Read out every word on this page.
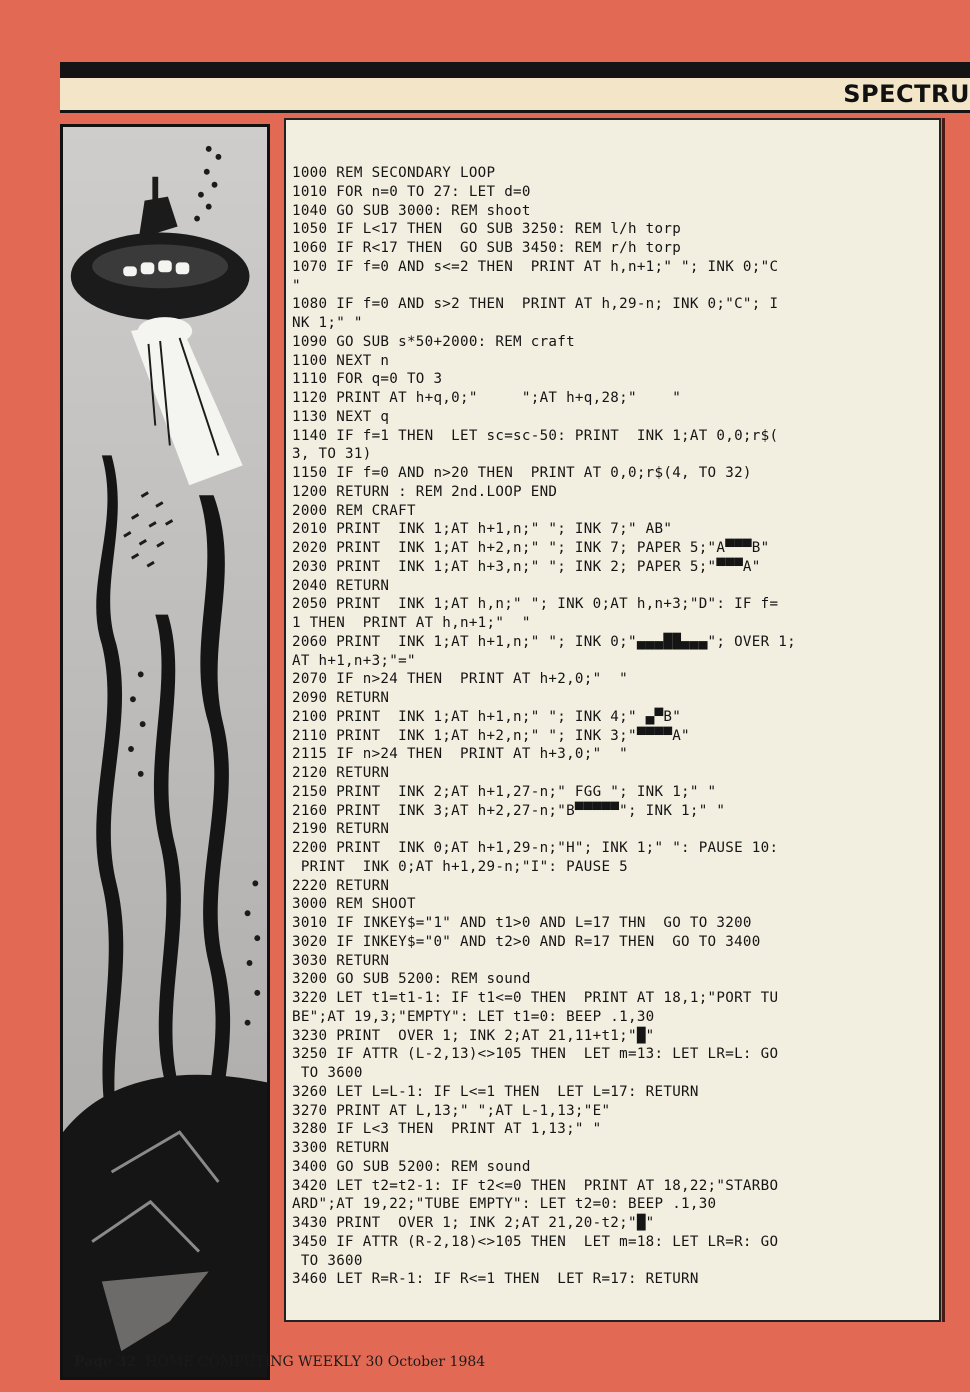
SPECTRU
1000 REM SECONDARY LOOP
1010 FOR n=0 TO 27: LET d=0
1040 GO SUB 3000: REM shoot
1050 IF L<17 THEN  GO SUB 3250: REM l/h torp
1060 IF R<17 THEN  GO SUB 3450: REM r/h torp
1070 IF f=0 AND s<=2 THEN  PRINT AT h,n+1;" "; INK 0;"C
"
1080 IF f=0 AND s>2 THEN  PRINT AT h,29-n; INK 0;"C"; I
NK 1;" "
1090 GO SUB s*50+2000: REM craft
1100 NEXT n
1110 FOR q=0 TO 3
1120 PRINT AT h+q,0;"     ";AT h+q,28;"    "
1130 NEXT q
1140 IF f=1 THEN  LET sc=sc-50: PRINT  INK 1;AT 0,0;r$(
3, TO 31)
1150 IF f=0 AND n>20 THEN  PRINT AT 0,0;r$(4, TO 32)
1200 RETURN : REM 2nd.LOOP END
2000 REM CRAFT
2010 PRINT  INK 1;AT h+1,n;" "; INK 7;" AB"
2020 PRINT  INK 1;AT h+2,n;" "; INK 7; PAPER 5;"A▀▀▀B"
2030 PRINT  INK 1;AT h+3,n;" "; INK 2; PAPER 5;"▀▀▀A"
2040 RETURN
2050 PRINT  INK 1;AT h,n;" "; INK 0;AT h,n+3;"D": IF f=
1 THEN  PRINT AT h,n+1;"  "
2060 PRINT  INK 1;AT h+1,n;" "; INK 0;"▄▄▄██▄▄▄"; OVER 1;
AT h+1,n+3;"="
2070 IF n>24 THEN  PRINT AT h+2,0;"  "
2090 RETURN
2100 PRINT  INK 1;AT h+1,n;" "; INK 4;" ▄▀B"
2110 PRINT  INK 1;AT h+2,n;" "; INK 3;"▀▀▀▀A"
2115 IF n>24 THEN  PRINT AT h+3,0;"  "
2120 RETURN
2150 PRINT  INK 2;AT h+1,27-n;" FGG "; INK 1;" "
2160 PRINT  INK 3;AT h+2,27-n;"B▀▀▀▀▀"; INK 1;" "
2190 RETURN
2200 PRINT  INK 0;AT h+1,29-n;"H"; INK 1;" ": PAUSE 10:
PRINT  INK 0;AT h+1,29-n;"I": PAUSE 5
2220 RETURN
3000 REM SHOOT
3010 IF INKEY$="1" AND t1>0 AND L=17 THN  GO TO 3200
3020 IF INKEY$="0" AND t2>0 AND R=17 THEN  GO TO 3400
3030 RETURN
3200 GO SUB 5200: REM sound
3220 LET t1=t1-1: IF t1<=0 THEN  PRINT AT 18,1;"PORT TU
BE";AT 19,3;"EMPTY": LET t1=0: BEEP .1,30
3230 PRINT  OVER 1; INK 2;AT 21,11+t1;"█"
3250 IF ATTR (L-2,13)<>105 THEN  LET m=13: LET LR=L: GO
TO 3600
3260 LET L=L-1: IF L<=1 THEN  LET L=17: RETURN
3270 PRINT AT L,13;" ";AT L-1,13;"E"
3280 IF L<3 THEN  PRINT AT 1,13;" "
3300 RETURN
3400 GO SUB 5200: REM sound
3420 LET t2=t2-1: IF t2<=0 THEN  PRINT AT 18,22;"STARBO
ARD";AT 19,22;"TUBE EMPTY": LET t2=0: BEEP .1,30
3430 PRINT  OVER 1; INK 2;AT 21,20-t2;"█"
3450 IF ATTR (R-2,18)<>105 THEN  LET m=18: LET LR=R: GO
TO 3600
3460 LET R=R-1: IF R<=1 THEN  LET R=17: RETURN
Page 32 HOME COMPUTING WEEKLY 30 October 1984
